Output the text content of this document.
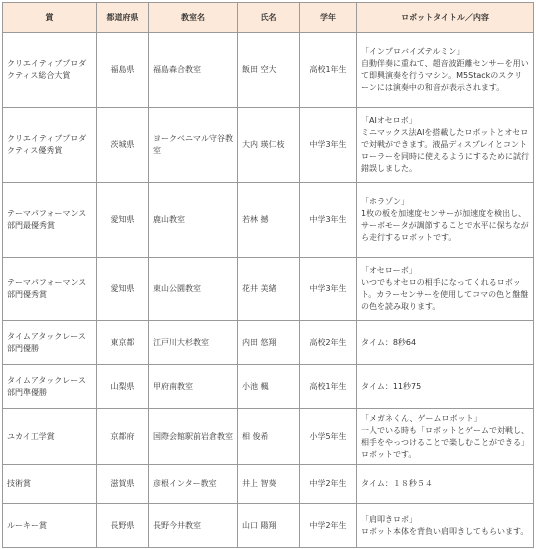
賞	都道府県	教室名	氏名	学年	ロボットタイトル／内容
クリエイティブプロダクティス総合大賞	福島県	福島森合教室	飯田 空大	高校1年生	「インプロバイズテルミン」
自動伴奏に重ねて、超音波距離センサーを用いて即興演奏を行うマシン。M5Stackのスクリーンには演奏中の和音が表示されます。

クリエイティブプロダクティス優秀賞	茨城県	ヨークベニマル守谷教室	大内 瑛仁枝	中学3年生	「AIオセロボ」
ミニマックス法AIを搭載したロボットとオセロで対戦ができます。液晶ディスプレイとコントローラーを同時に使えるようにするために試行錯誤しました。

テーマパフォーマンス部門最優秀賞	愛知県	鹿山教室	若林 撼	中学3年生	「ホラゾン」
1枚の板を加速度センサーが加速度を検出し、サーボモータが調節することで水平に保ちながら走行するロボットです。

テーマパフォーマンス部門優秀賞	愛知県	東山公園教室	花井 美緒	中学3年生	「オセローボ」
いつでもオセロの相手になってくれるロボット。カラーセンサーを使用してコマの色と盤盤の色を読み取ります。

タイムアタックレース部門優勝	東京都	江戸川大杉教室	内田 悠翔	高校2年生	タイム：8秒64

タイムアタックレース部門準優勝	山梨県	甲府南教室	小池 楓	高校1年生	タイム：11秒75

ユカイ工学賞	京都府	国際会館駅前岩倉教室	相 俊希	小学5年生	「メガネくん、ゲームロボット」
一人でいる時も「ロボットとゲームで対戦し、相手をやっつけることで楽しむことができる」ロボットです。

技術賞	滋賀県	彦根インター教室	井上 智葵	中学2年生	タイム：１８秒５４

ルーキー賞	長野県	長野今井教室	山口 陽翔	中学2年生	「肩叩きロボ」
ロボット本体を背負い肩叩きしてもらいます。
